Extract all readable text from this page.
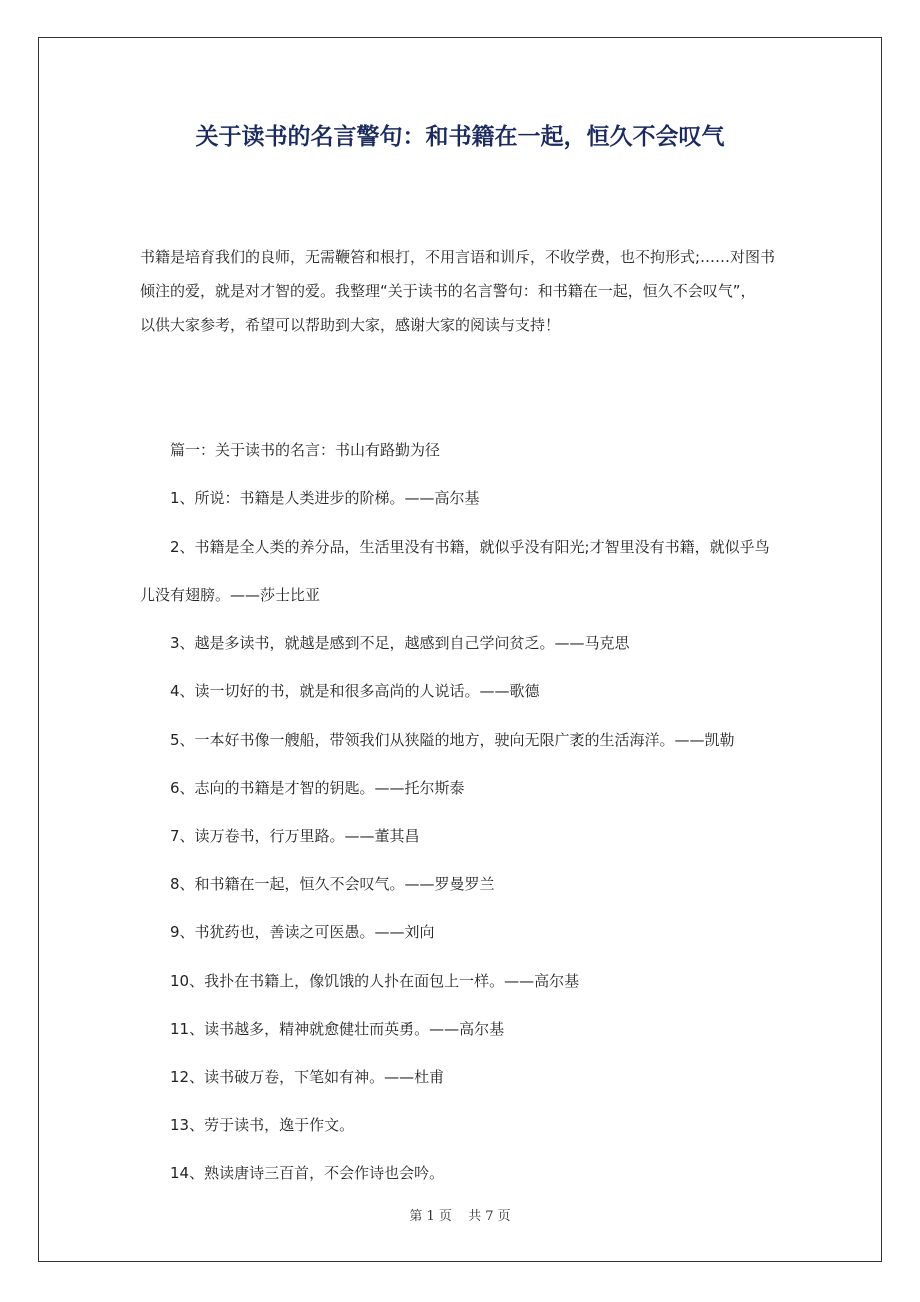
关于读书的名言警句：和书籍在一起，恒久不会叹气

书籍是培育我们的良师，无需鞭笞和根打，不用言语和训斥，不收学费，也不拘形式;……对图书

倾注的爱，就是对才智的爱。我整理“关于读书的名言警句：和书籍在一起，恒久不会叹气”，

以供大家参考，希望可以帮助到大家，感谢大家的阅读与支持！

篇一：关于读书的名言：书山有路勤为径

1、所说：书籍是人类进步的阶梯。——高尔基

2、书籍是全人类的养分品，生活里没有书籍，就似乎没有阳光;才智里没有书籍，就似乎鸟

儿没有翅膀。——莎士比亚

3、越是多读书，就越是感到不足，越感到自己学问贫乏。——马克思

4、读一切好的书，就是和很多高尚的人说话。——歌德

5、一本好书像一艘船，带领我们从狭隘的地方，驶向无限广袤的生活海洋。——凯勒

6、志向的书籍是才智的钥匙。——托尔斯泰

7、读万卷书，行万里路。——董其昌

8、和书籍在一起，恒久不会叹气。——罗曼罗兰

9、书犹药也，善读之可医愚。——刘向

10、我扑在书籍上，像饥饿的人扑在面包上一样。——高尔基

11、读书越多，精神就愈健壮而英勇。——高尔基

12、读书破万卷，下笔如有神。——杜甫

13、劳于读书，逸于作文。

14、熟读唐诗三百首，不会作诗也会吟。

第 1 页 共 7 页
